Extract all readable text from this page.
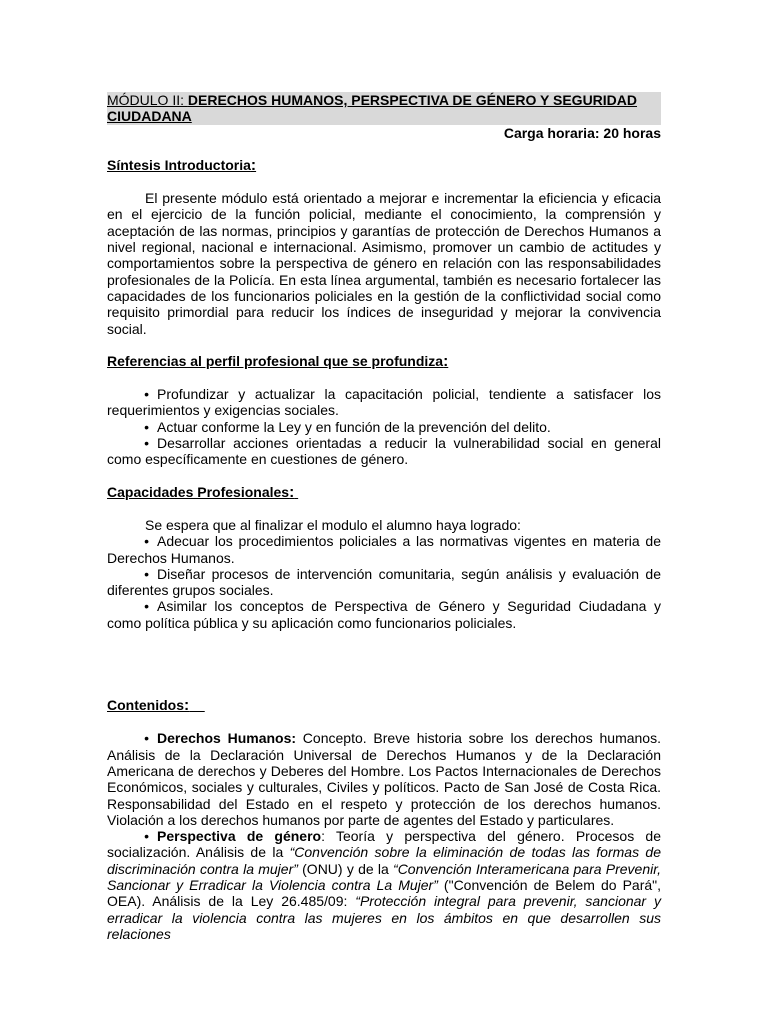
MÓDULO II: DERECHOS HUMANOS, PERSPECTIVA DE GÉNERO Y SEGURIDAD CIUDADANA
Carga horaria: 20 horas
Síntesis Introductoria:

El presente módulo está orientado a mejorar e incrementar la eficiencia y eficacia en el ejercicio de la función policial, mediante el conocimiento, la comprensión y aceptación de las normas, principios y garantías de protección de Derechos Humanos a nivel regional, nacional e internacional. Asimismo, promover un cambio de actitudes y comportamientos sobre la perspectiva de género en relación con las responsabilidades profesionales de la Policía. En esta línea argumental, también es necesario fortalecer las capacidades de los funcionarios policiales en la gestión de la conflictividad social como requisito primordial para reducir los índices de inseguridad y mejorar la convivencia social.

Referencias al perfil profesional que se profundiza:
• Profundizar y actualizar la capacitación policial, tendiente a satisfacer los requerimientos y exigencias sociales.
• Actuar conforme la Ley y en función de la prevención del delito.
• Desarrollar acciones orientadas a reducir la vulnerabilidad social en general como específicamente en cuestiones de género.
Capacidades Profesionales:

Se espera que al finalizar el modulo el alumno haya logrado:

• Adecuar los procedimientos policiales a las normativas vigentes en materia de Derechos Humanos.
• Diseñar procesos de intervención comunitaria, según análisis y evaluación de diferentes grupos sociales.
• Asimilar los conceptos de Perspectiva de Género y Seguridad Ciudadana y como política pública y su aplicación como funcionarios policiales.
Contenidos:
• Derechos Humanos: Concepto. Breve historia sobre los derechos humanos. Análisis de la Declaración Universal de Derechos Humanos y de la Declaración Americana de derechos y Deberes del Hombre. Los Pactos Internacionales de Derechos Económicos, sociales y culturales, Civiles y políticos. Pacto de San José de Costa Rica. Responsabilidad del Estado en el respeto y protección de los derechos humanos. Violación a los derechos humanos por parte de agentes del Estado y particulares.
• Perspectiva de género: Teoría y perspectiva del género. Procesos de socialización. Análisis de la “Convención sobre la eliminación de todas las formas de discriminación contra la mujer” (ONU) y de la “Convención Interamericana para Prevenir, Sancionar y Erradicar la Violencia contra La Mujer” ("Convención de Belem do Pará", OEA). Análisis de la Ley 26.485/09: “Protección integral para prevenir, sancionar y erradicar la violencia contra las mujeres en los ámbitos en que desarrollen sus relaciones
